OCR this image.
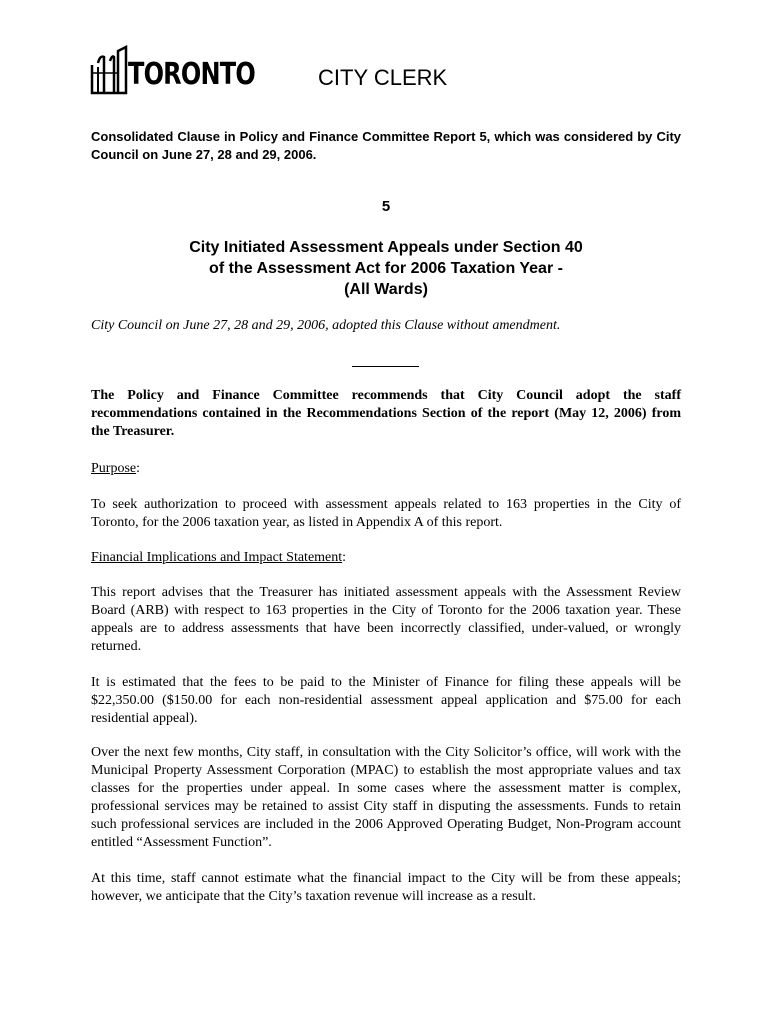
TORONTO	CITY CLERK
Consolidated Clause in Policy and Finance Committee Report 5, which was considered by City Council on June 27, 28 and 29, 2006.
5
City Initiated Assessment Appeals under Section 40
of the Assessment Act for 2006 Taxation Year -
(All Wards)
City Council on June 27, 28 and 29, 2006, adopted this Clause without amendment.
The Policy and Finance Committee recommends that City Council adopt the staff recommendations contained in the Recommendations Section of the report (May 12, 2006) from the Treasurer.
Purpose:
To seek authorization to proceed with assessment appeals related to 163 properties in the City of Toronto, for the 2006 taxation year, as listed in Appendix A of this report.
Financial Implications and Impact Statement:
This report advises that the Treasurer has initiated assessment appeals with the Assessment Review Board (ARB) with respect to 163 properties in the City of Toronto for the 2006 taxation year. These appeals are to address assessments that have been incorrectly classified, under-valued, or wrongly returned.
It is estimated that the fees to be paid to the Minister of Finance for filing these appeals will be $22,350.00 ($150.00 for each non-residential assessment appeal application and $75.00 for each residential appeal).
Over the next few months, City staff, in consultation with the City Solicitor’s office, will work with the Municipal Property Assessment Corporation (MPAC) to establish the most appropriate values and tax classes for the properties under appeal. In some cases where the assessment matter is complex, professional services may be retained to assist City staff in disputing the assessments. Funds to retain such professional services are included in the 2006 Approved Operating Budget, Non-Program account entitled “Assessment Function”.
At this time, staff cannot estimate what the financial impact to the City will be from these appeals; however, we anticipate that the City’s taxation revenue will increase as a result.
